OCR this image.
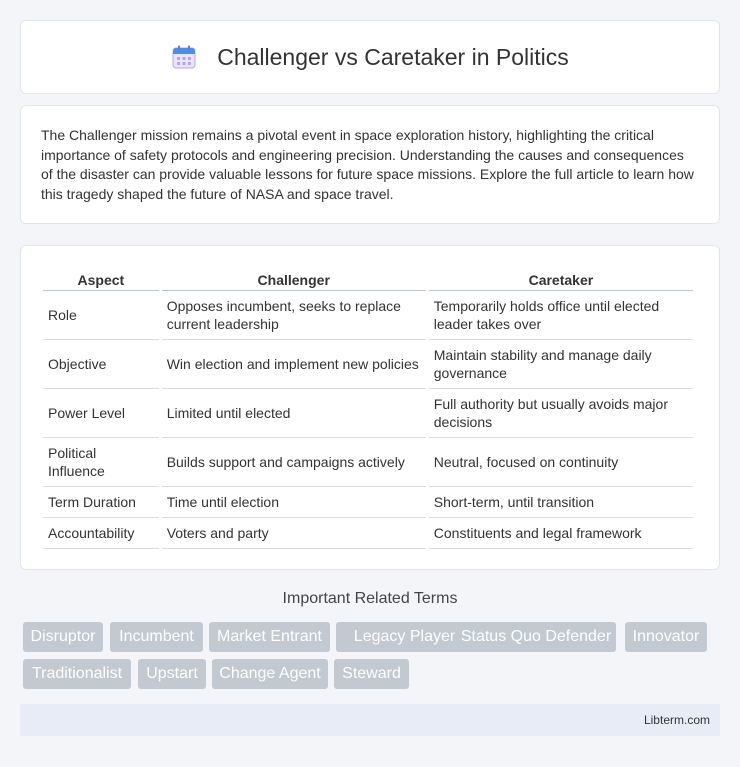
Challenger vs Caretaker in Politics

The Challenger mission remains a pivotal event in space exploration history, highlighting the critical importance of safety protocols and engineering precision. Understanding the causes and consequences of the disaster can provide valuable lessons for future space missions. Explore the full article to learn how this tragedy shaped the future of NASA and space travel.

Aspect	Challenger	Caretaker
Role	Opposes incumbent, seeks to replace current leadership	Temporarily holds office until elected leader takes over
Objective	Win election and implement new policies	Maintain stability and manage daily governance
Power Level	Limited until elected	Full authority but usually avoids major decisions
Political Influence	Builds support and campaigns actively	Neutral, focused on continuity
Term Duration	Time until election	Short-term, until transition
Accountability	Voters and party	Constituents and legal framework
Important Related Terms
Disruptor	Incumbent	Market Entrant	Legacy Player Status Quo Defender	Innovator
Traditionalist	Upstart	Change Agent	Steward
Libterm.com
